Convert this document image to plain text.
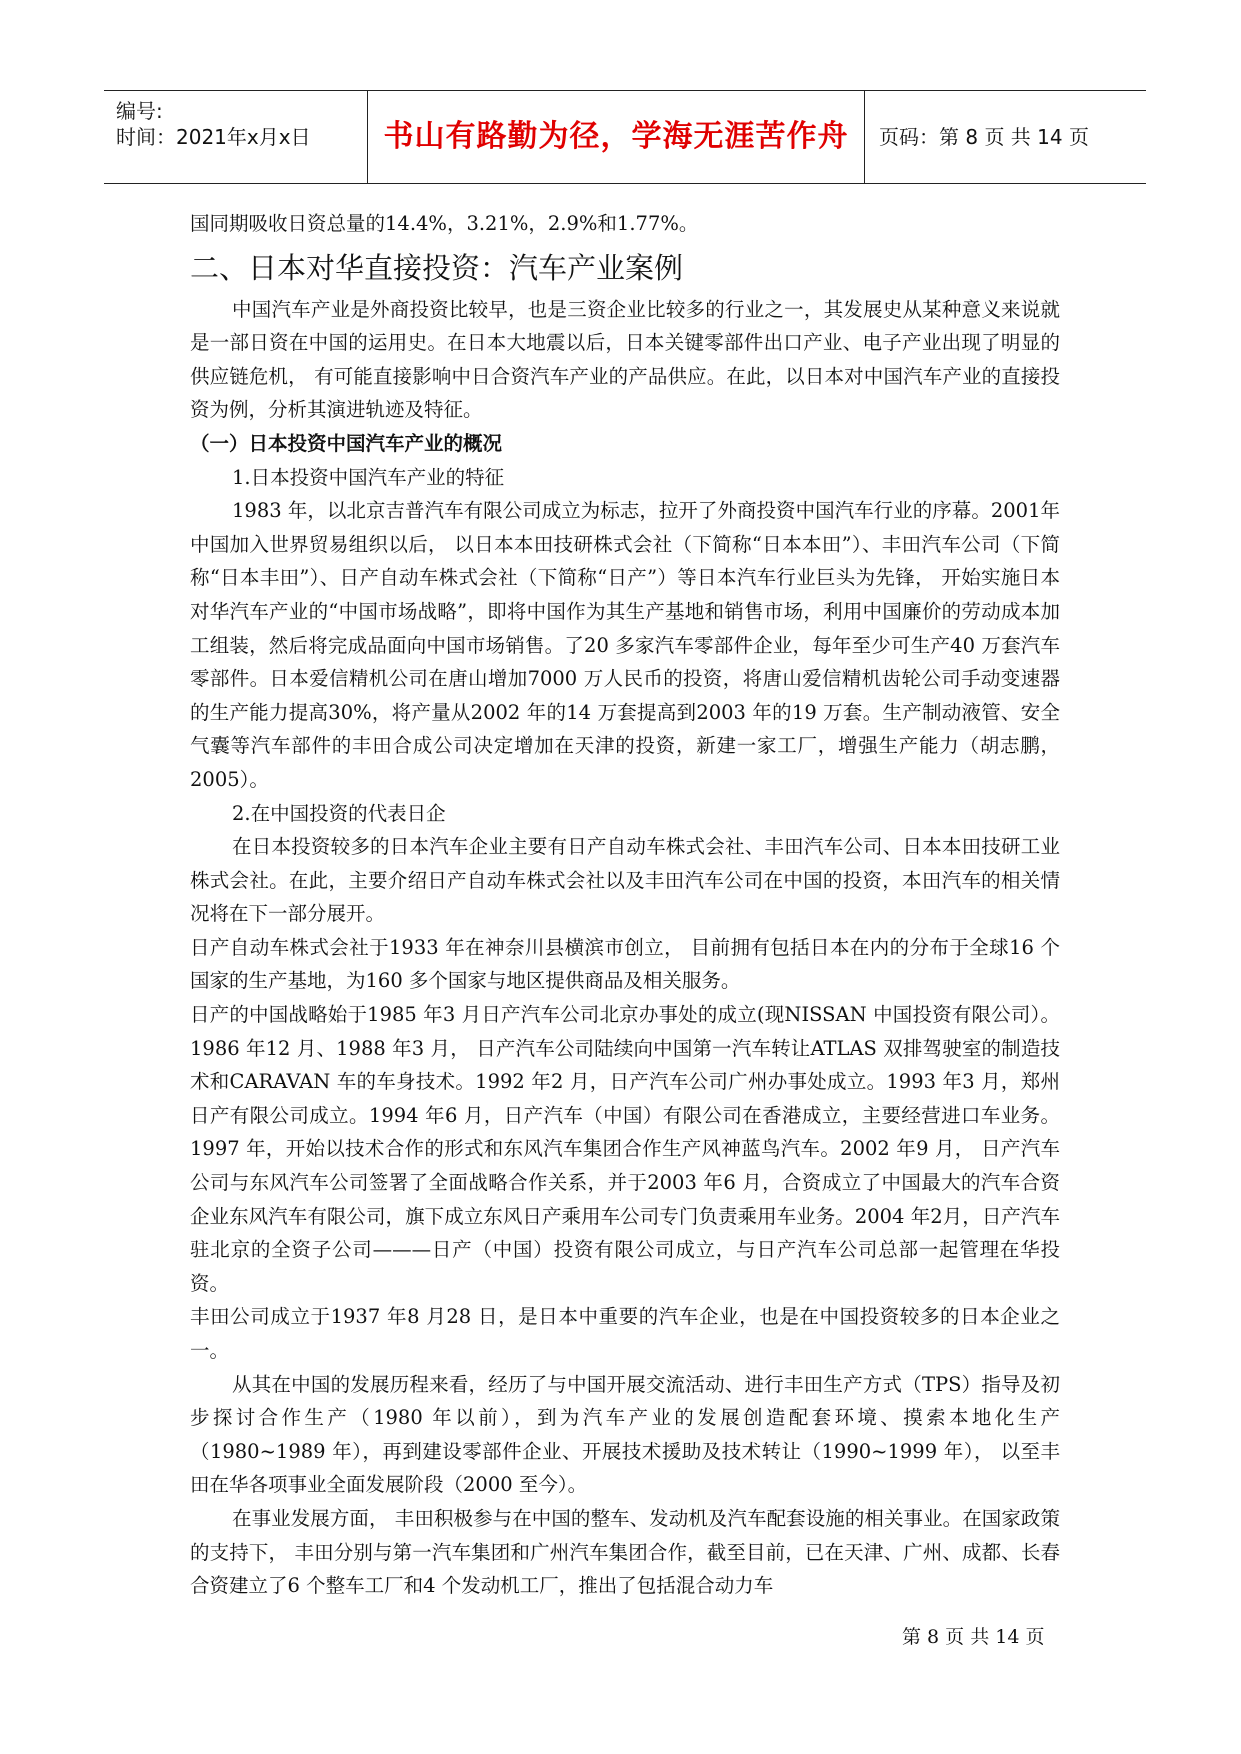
编号:
时间：2021年x月x日	书山有路勤为径，学海无涯苦作舟	页码：第 8 页 共 14 页

国同期吸收日资总量的14.4%，3.21%，2.9%和1.77%。

二、日本对华直接投资：汽车产业案例

中国汽车产业是外商投资比较早，也是三资企业比较多的行业之一，其发展史从某种意义来说就是一部日资在中国的运用史。在日本大地震以后，日本关键零部件出口产业、电子产业出现了明显的供应链危机， 有可能直接影响中日合资汽车产业的产品供应。在此，以日本对中国汽车产业的直接投资为例，分析其演进轨迹及特征。

（一）日本投资中国汽车产业的概况

1.日本投资中国汽车产业的特征

1983 年，以北京吉普汽车有限公司成立为标志，拉开了外商投资中国汽车行业的序幕。2001年中国加入世界贸易组织以后， 以日本本田技研株式会社（下简称“日本本田”）、丰田汽车公司（下简称“日本丰田”）、日产自动车株式会社（下简称“日产”）等日本汽车行业巨头为先锋， 开始实施日本对华汽车产业的“中国市场战略”，即将中国作为其生产基地和销售市场，利用中国廉价的劳动成本加工组装，然后将完成品面向中国市场销售。了20 多家汽车零部件企业，每年至少可生产40 万套汽车零部件。日本爱信精机公司在唐山增加7000 万人民币的投资，将唐山爱信精机齿轮公司手动变速器的生产能力提高30%，将产量从2002 年的14 万套提高到2003 年的19 万套。生产制动液管、安全气囊等汽车部件的丰田合成公司决定增加在天津的投资，新建一家工厂，增强生产能力（胡志鹏，2005）。

2.在中国投资的代表日企

在日本投资较多的日本汽车企业主要有日产自动车株式会社、丰田汽车公司、日本本田技研工业株式会社。在此，主要介绍日产自动车株式会社以及丰田汽车公司在中国的投资，本田汽车的相关情况将在下一部分展开。

日产自动车株式会社于1933 年在神奈川县横滨市创立， 目前拥有包括日本在内的分布于全球16 个国家的生产基地，为160 多个国家与地区提供商品及相关服务。

日产的中国战略始于1985 年3 月日产汽车公司北京办事处的成立(现NISSAN 中国投资有限公司）。1986 年12 月、1988 年3 月， 日产汽车公司陆续向中国第一汽车转让ATLAS 双排驾驶室的制造技术和CARAVAN 车的车身技术。1992 年2 月，日产汽车公司广州办事处成立。1993 年3 月，郑州日产有限公司成立。1994 年6 月，日产汽车（中国）有限公司在香港成立，主要经营进口车业务。1997 年，开始以技术合作的形式和东风汽车集团合作生产风神蓝鸟汽车。2002 年9 月， 日产汽车公司与东风汽车公司签署了全面战略合作关系，并于2003 年6 月，合资成立了中国最大的汽车合资企业东风汽车有限公司，旗下成立东风日产乘用车公司专门负责乘用车业务。2004 年2月，日产汽车驻北京的全资子公司———日产（中国）投资有限公司成立，与日产汽车公司总部一起管理在华投资。

丰田公司成立于1937 年8 月28 日，是日本中重要的汽车企业，也是在中国投资较多的日本企业之一。

从其在中国的发展历程来看，经历了与中国开展交流活动、进行丰田生产方式（TPS）指导及初步探讨合作生产（1980 年以前），到为汽车产业的发展创造配套环境、摸索本地化生产（1980~1989 年），再到建设零部件企业、开展技术援助及技术转让（1990~1999 年）， 以至丰田在华各项事业全面发展阶段（2000 至今）。

在事业发展方面， 丰田积极参与在中国的整车、发动机及汽车配套设施的相关事业。在国家政策的支持下， 丰田分别与第一汽车集团和广州汽车集团合作，截至目前，已在天津、广州、成都、长春合资建立了6 个整车工厂和4 个发动机工厂，推出了包括混合动力车

第 8 页 共 14 页
